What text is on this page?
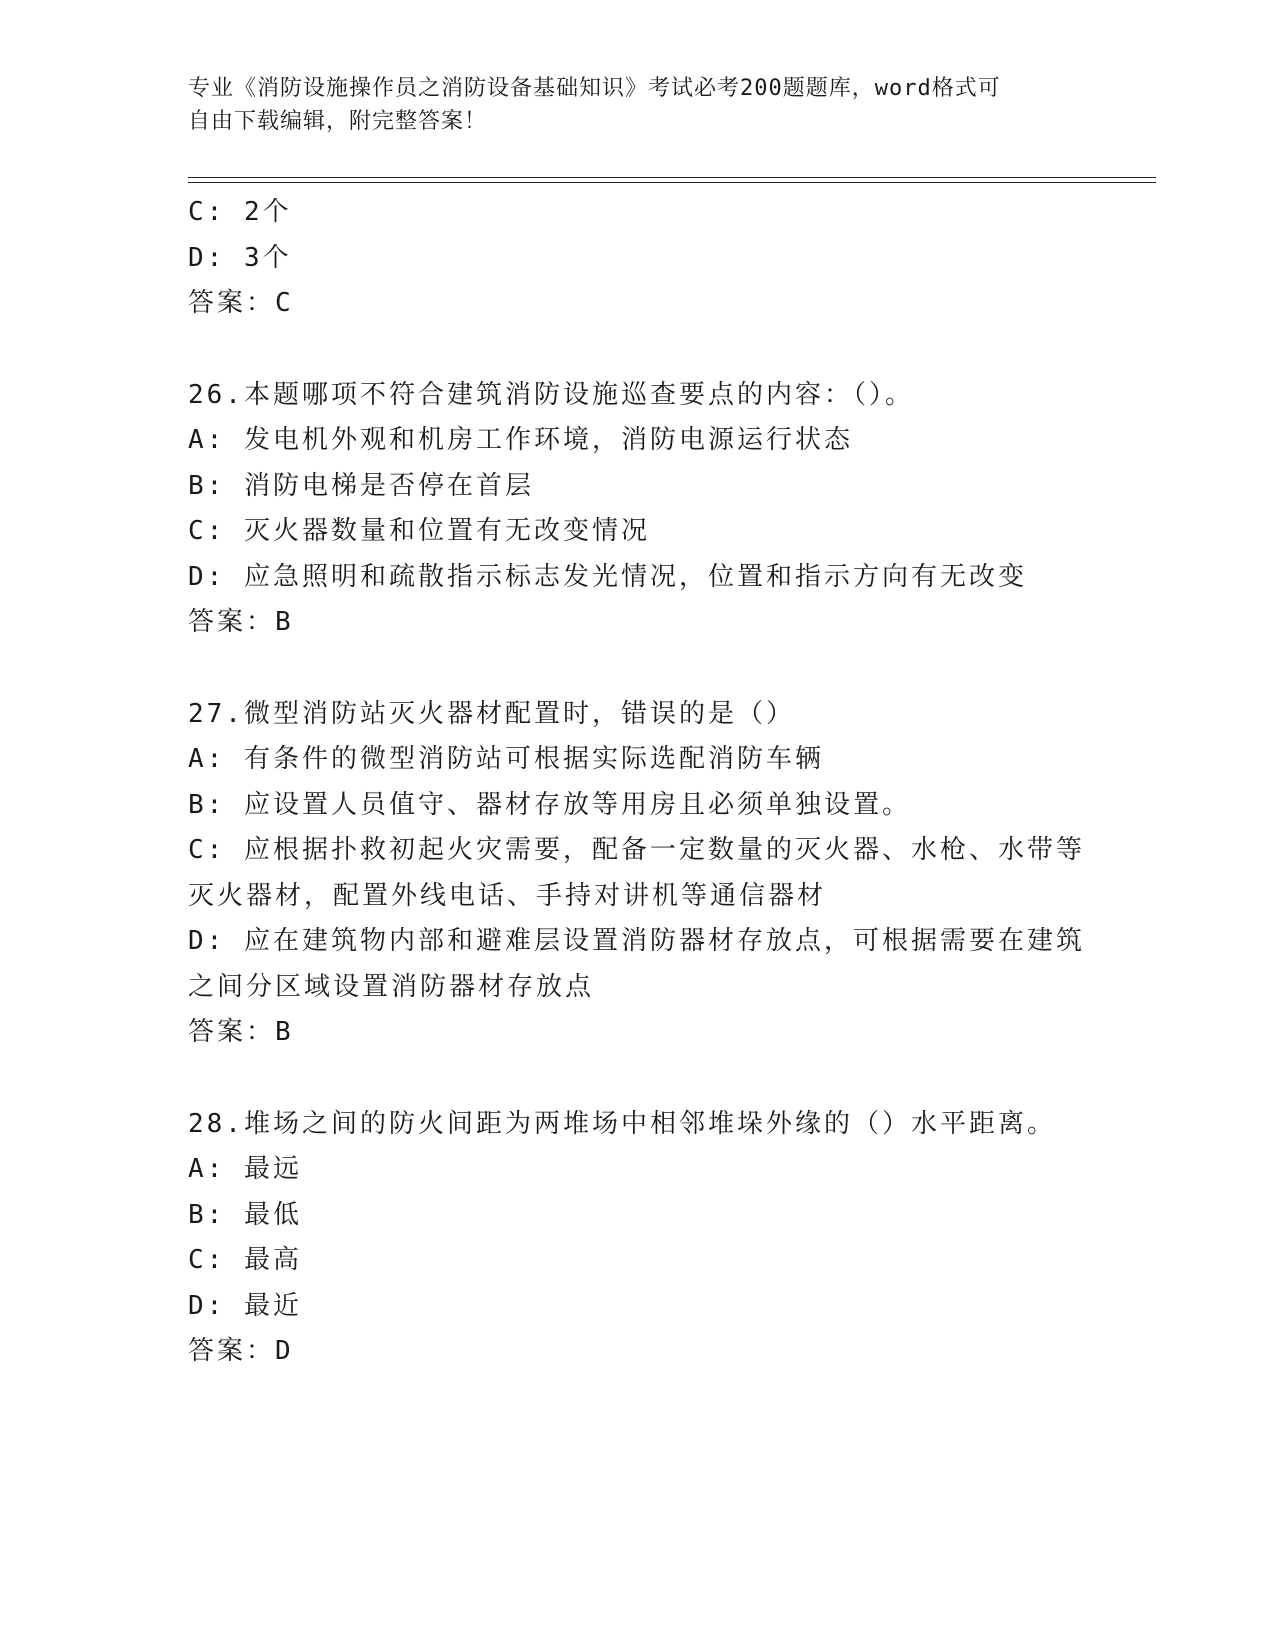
专业《消防设施操作员之消防设备基础知识》考试必考200题题库，word格式可
自由下载编辑，附完整答案！
C: 2个
D: 3个
答案：C
26.本题哪项不符合建筑消防设施巡查要点的内容：（）。
A: 发电机外观和机房工作环境，消防电源运行状态
B: 消防电梯是否停在首层
C: 灭火器数量和位置有无改变情况
D: 应急照明和疏散指示标志发光情况，位置和指示方向有无改变
答案：B
27.微型消防站灭火器材配置时，错误的是（）
A: 有条件的微型消防站可根据实际选配消防车辆
B: 应设置人员值守、器材存放等用房且必须单独设置。
C: 应根据扑救初起火灾需要，配备一定数量的灭火器、水枪、水带等
灭火器材，配置外线电话、手持对讲机等通信器材
D: 应在建筑物内部和避难层设置消防器材存放点，可根据需要在建筑
之间分区域设置消防器材存放点
答案：B
28.堆场之间的防火间距为两堆场中相邻堆垛外缘的（）水平距离。
A: 最远
B: 最低
C: 最高
D: 最近
答案：D
